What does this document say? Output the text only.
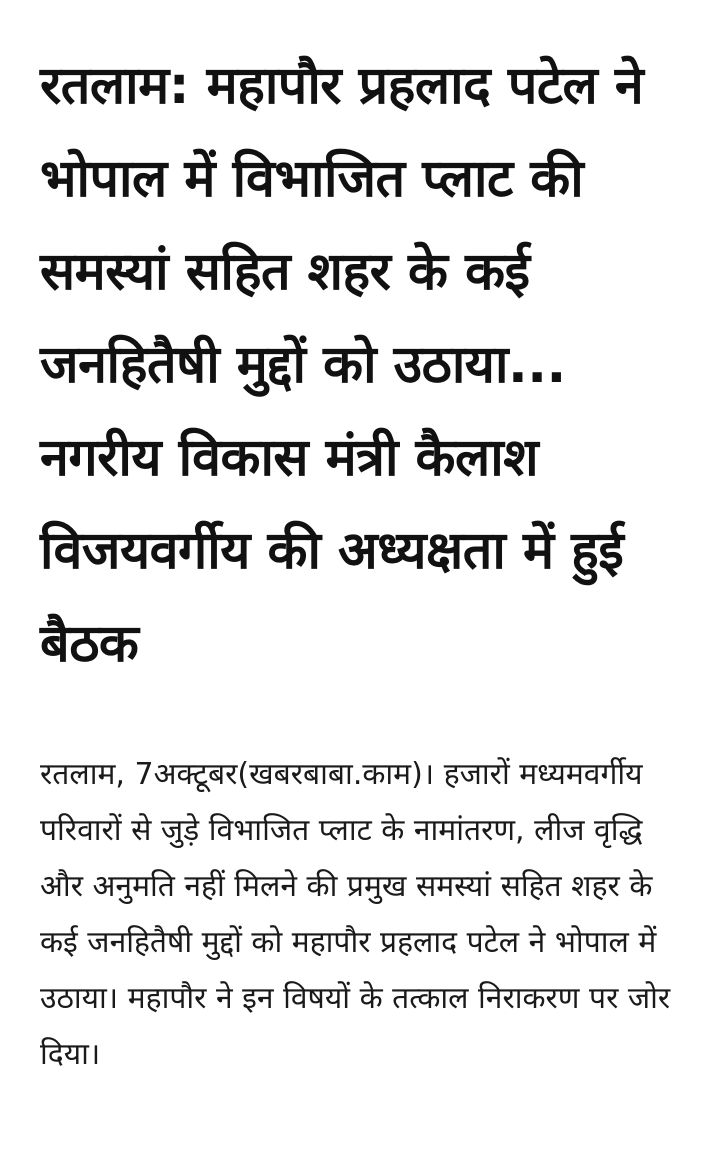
रतलाम: महापौर प्रहलाद पटेल ने भोपाल में विभाजित प्लाट की समस्यां सहित शहर के कई जनहितैषी मुद्दों को उठाया... नगरीय विकास मंत्री कैलाश विजयवर्गीय की अध्यक्षता में हुई बैठक

रतलाम, 7अक्टूबर(खबरबाबा.काम)। हजारों मध्यमवर्गीय परिवारों से जुड़े विभाजित प्लाट के नामांतरण, लीज वृद्धि और अनुमति नहीं मिलने की प्रमुख समस्यां सहित शहर के कई जनहितैषी मुद्दों को महापौर प्रहलाद पटेल ने भोपाल में उठाया। महापौर ने इन विषयों के तत्काल निराकरण पर जोर दिया।
